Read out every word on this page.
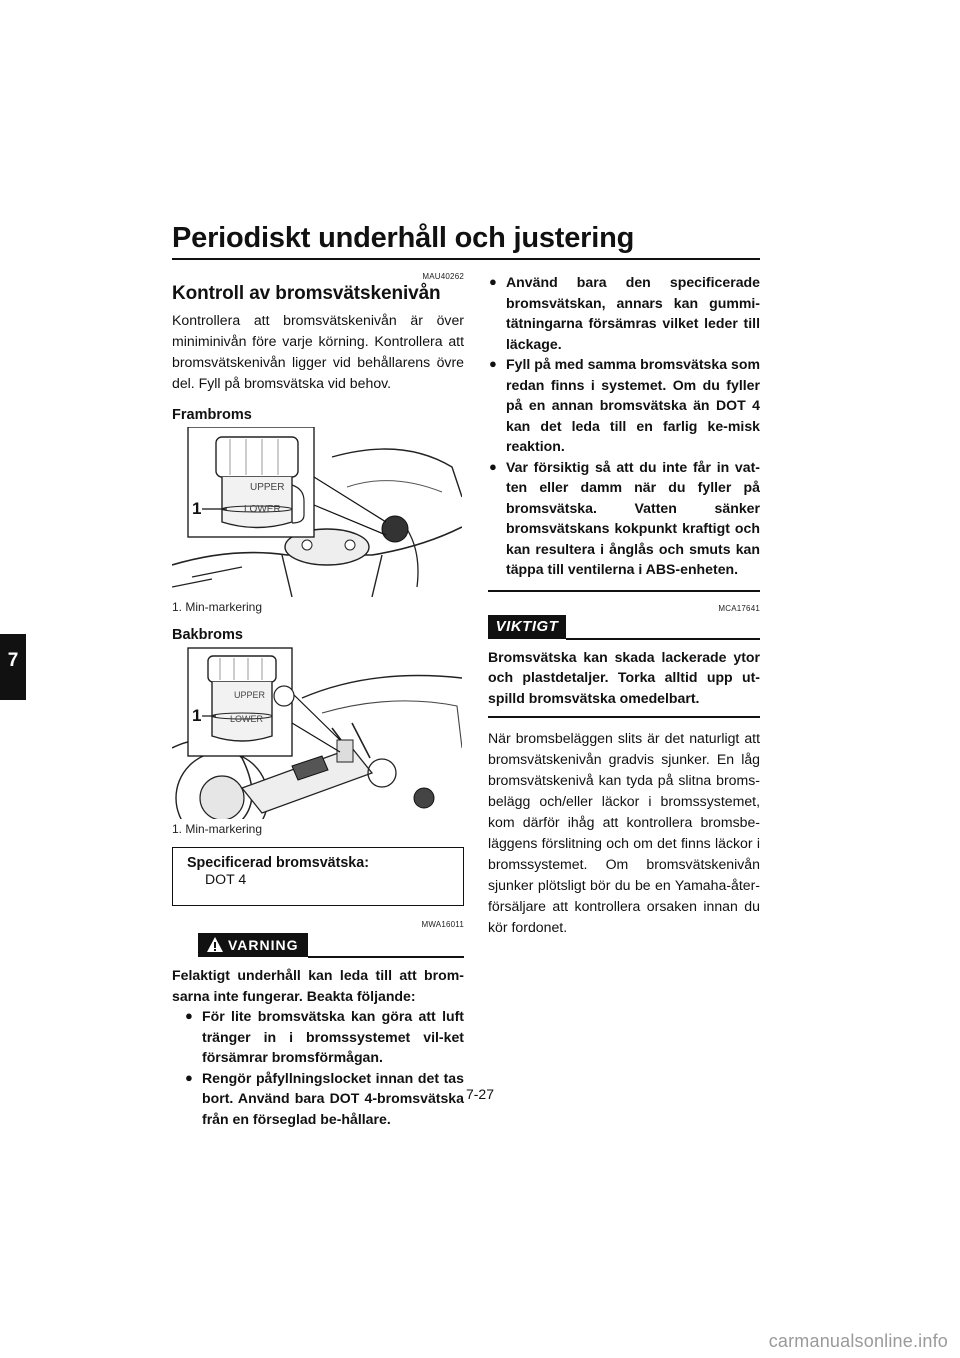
Periodiskt underhåll och justering
7
MAU40262
Kontroll av bromsvätskenivån
Kontrollera att bromsvätskenivån är över miniminivån före varje körning. Kontrollera att bromsvätskenivån ligger vid behållarens övre del. Fyll på bromsvätska vid behov.
Frambroms
UPPER
LOWER
1
1. Min-markering
Bakbroms
UPPER
LOWER
1
1. Min-markering
Specificerad bromsvätska:
DOT 4
MWA16011
VARNING
Felaktigt underhåll kan leda till att brom-sarna inte fungerar. Beakta följande:
● För lite bromsvätska kan göra att luft tränger in i bromssystemet vil-ket försämrar bromsförmågan.
● Rengör påfyllningslocket innan det tas bort. Använd bara DOT 4-bromsvätska från en förseglad be-hållare.
● Använd bara den specificerade bromsvätskan, annars kan gummi-tätningarna försämras vilket leder till läckage.
● Fyll på med samma bromsvätska som redan finns i systemet. Om du fyller på en annan bromsvätska än DOT 4 kan det leda till en farlig ke-misk reaktion.
● Var försiktig så att du inte får in vat-ten eller damm när du fyller på bromsvätska. Vatten sänker bromsvätskans kokpunkt kraftigt och kan resultera i ånglås och smuts kan täppa till ventilerna i ABS-enheten.
MCA17641
VIKTIGT
Bromsvätska kan skada lackerade ytor och plastdetaljer. Torka alltid upp ut-spilld bromsvätska omedelbart.
När bromsbeläggen slits är det naturligt att bromsvätskenivån gradvis sjunker. En låg bromsvätskenivå kan tyda på slitna broms-belägg och/eller läckor i bromssystemet, kom därför ihåg att kontrollera bromsbe-läggens förslitning och om det finns läckor i bromssystemet. Om bromsvätskenivån sjunker plötsligt bör du be en Yamaha-åter-försäljare att kontrollera orsaken innan du kör fordonet.
7-27
carmanualsonline.info
